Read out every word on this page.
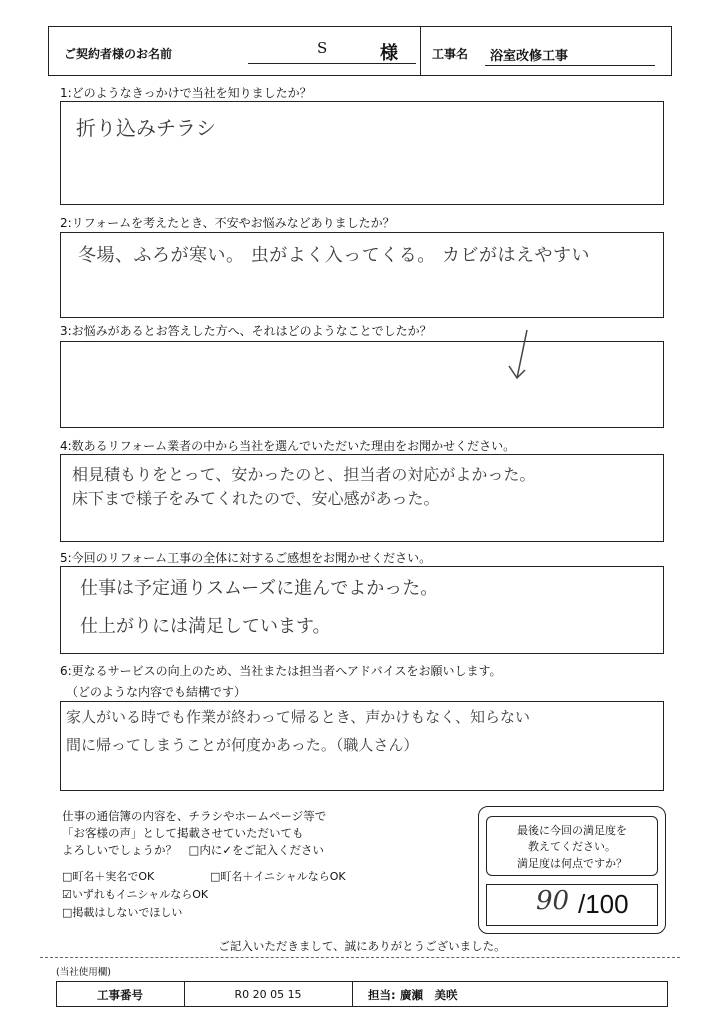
ご契約者様のお名前	S	様	工事名 浴室改修工事
1:どのようなきっかけで当社を知りましたか？
折り込みチラシ
2:リフォームを考えたとき、不安やお悩みなどありましたか？
冬場、ふろが寒い。 虫がよく入ってくる。 カビがはえやすい
3:お悩みがあるとお答えした方へ、それはどのようなことでしたか？
4:数あるリフォーム業者の中から当社を選んでいただいた理由をお聞かせください。
相見積もりをとって、安かったのと、担当者の対応がよかった。
床下まで様子をみてくれたので、安心感があった。
5:今回のリフォーム工事の全体に対するご感想をお聞かせください。
仕事は予定通りスムーズに進んでよかった。
仕上がりには満足しています。
6:更なるサービスの向上のため、当社または担当者へアドバイスをお願いします。
（どのような内容でも結構です）
家人がいる時でも作業が終わって帰るとき、声かけもなく、知らない
間に帰ってしまうことが何度かあった。（職人さん）
仕事の通信簿の内容を、チラシやホームページ等で
「お客様の声」として掲載させていただいても
よろしいでしょうか？　□内に✓をご記入ください
□町名＋実名でOK	□町名＋イニシャルならOK
☑いずれもイニシャルならOK
□掲載はしないでほしい
最後に今回の満足度を
教えてください。
満足度は何点ですか？
90 /100
ご記入いただきまして、誠にありがとうございました。
(当社使用欄)
工事番号	R0 20 05 15	担当: 廣瀬　美咲
